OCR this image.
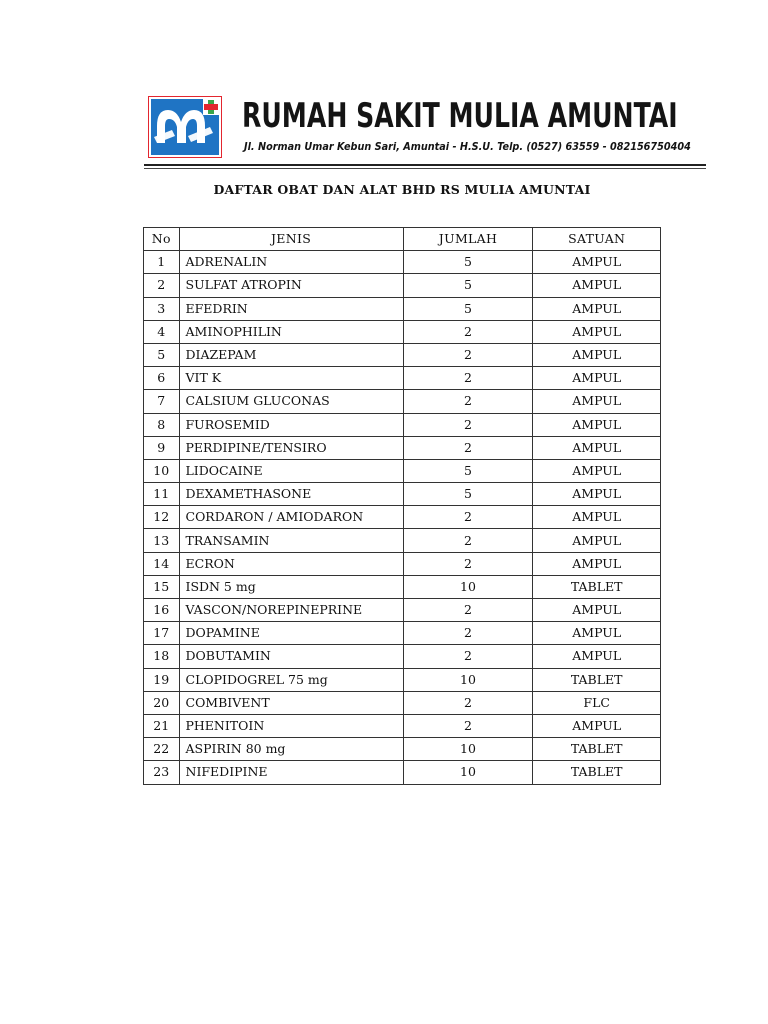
RUMAH SAKIT MULIA AMUNTAI
Jl. Norman Umar Kebun Sari, Amuntai - H.S.U. Telp. (0527) 63559 - 082156750404
DAFTAR OBAT DAN ALAT BHD RS MULIA AMUNTAI
No	JENIS	JUMLAH	SATUAN
1	ADRENALIN	5	AMPUL
2	SULFAT ATROPIN	5	AMPUL
3	EFEDRIN	5	AMPUL
4	AMINOPHILIN	2	AMPUL
5	DIAZEPAM	2	AMPUL
6	VIT K	2	AMPUL
7	CALSIUM GLUCONAS	2	AMPUL
8	FUROSEMID	2	AMPUL
9	PERDIPINE/TENSIRO	2	AMPUL
10	LIDOCAINE	5	AMPUL
11	DEXAMETHASONE	5	AMPUL
12	CORDARON / AMIODARON	2	AMPUL
13	TRANSAMIN	2	AMPUL
14	ECRON	2	AMPUL
15	ISDN 5 mg	10	TABLET
16	VASCON/NOREPINEPRINE	2	AMPUL
17	DOPAMINE	2	AMPUL
18	DOBUTAMIN	2	AMPUL
19	CLOPIDOGREL 75 mg	10	TABLET
20	COMBIVENT	2	FLC
21	PHENITOIN	2	AMPUL
22	ASPIRIN 80 mg	10	TABLET
23	NIFEDIPINE	10	TABLET
